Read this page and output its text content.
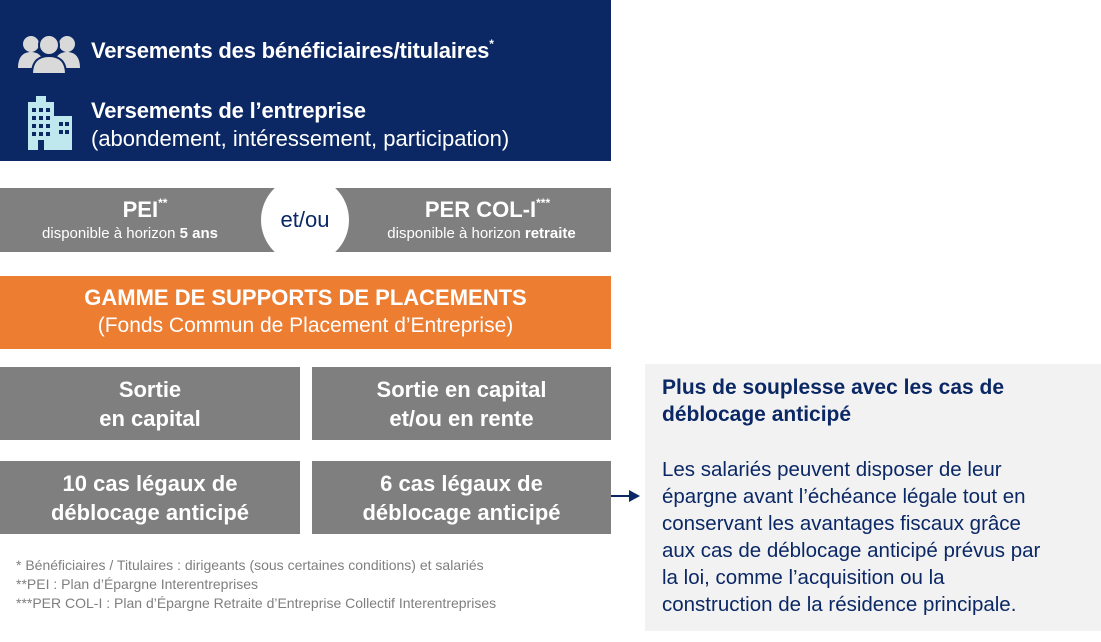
Versements des bénéficiaires/titulaires*
Versements de l’entreprise
(abondement, intéressement, participation)
PEI**
disponible à horizon 5 ans
PER COL-I***
disponible à horizon retraite
et/ou
GAMME DE SUPPORTS DE PLACEMENTS
(Fonds Commun de Placement d’Entreprise)
Sortie
en capital
Sortie en capital
et/ou en rente
10 cas légaux de
déblocage anticipé
6 cas légaux de
déblocage anticipé
* Bénéficiaires / Titulaires : dirigeants (sous certaines conditions) et salariés
**PEI : Plan d’Épargne Interentreprises
***PER COL-I : Plan d’Épargne Retraite d’Entreprise Collectif Interentreprises
Plus de souplesse avec les cas de
déblocage anticipé
Les salariés peuvent disposer de leur
épargne avant l’échéance légale tout en
conservant les avantages fiscaux grâce
aux cas de déblocage anticipé prévus par
la loi, comme l’acquisition ou la
construction de la résidence principale.
